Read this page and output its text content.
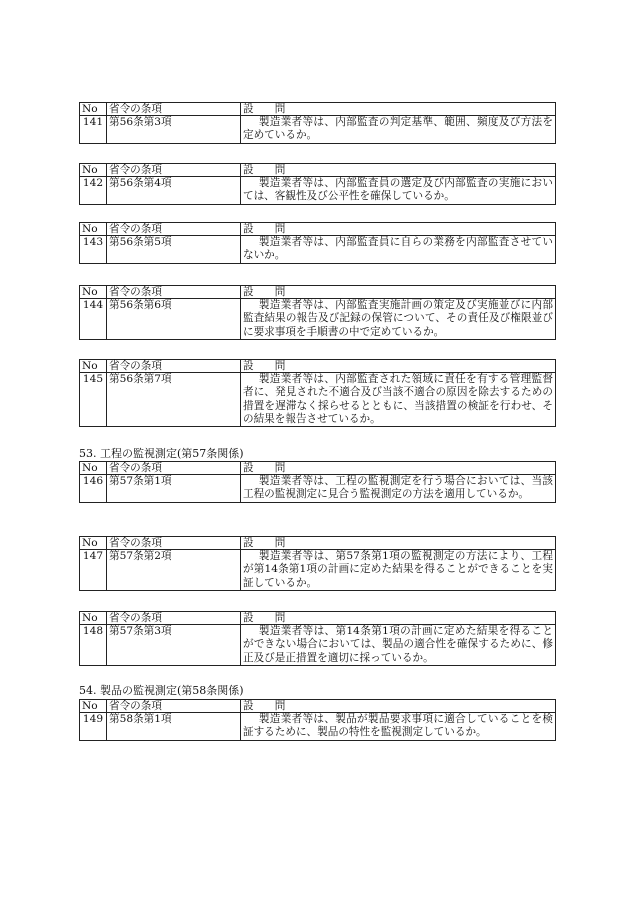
No	省令の条項	設　問
141	第56条第3項	製造業者等は、内部監査の判定基準、範囲、頻度及び方法を定めているか。
No	省令の条項	設　問
142	第56条第4項	製造業者等は、内部監査員の選定及び内部監査の実施においては、客観性及び公平性を確保しているか。
No	省令の条項	設　問
143	第56条第5項	製造業者等は、内部監査員に自らの業務を内部監査させていないか。
No	省令の条項	設　問
144	第56条第6項	製造業者等は、内部監査実施計画の策定及び実施並びに内部監査結果の報告及び記録の保管について、その責任及び権限並びに要求事項を手順書の中で定めているか。
No	省令の条項	設　問
145	第56条第7項	製造業者等は、内部監査された領域に責任を有する管理監督者に、発見された不適合及び当該不適合の原因を除去するための措置を遅滞なく採らせるとともに、当該措置の検証を行わせ、その結果を報告させているか。
53. 工程の監視測定(第57条関係)
No	省令の条項	設　問
146	第57条第1項	製造業者等は、工程の監視測定を行う場合においては、当該工程の監視測定に見合う監視測定の方法を適用しているか。
No	省令の条項	設　問
147	第57条第2項	製造業者等は、第57条第1項の監視測定の方法により、工程が第14条第1項の計画に定めた結果を得ることができることを実証しているか。
No	省令の条項	設　問
148	第57条第3項	製造業者等は、第14条第1項の計画に定めた結果を得ることができない場合においては、製品の適合性を確保するために、修正及び是正措置を適切に採っているか。
54. 製品の監視測定(第58条関係)
No	省令の条項	設　問
149	第58条第1項	製造業者等は、製品が製品要求事項に適合していることを検証するために、製品の特性を監視測定しているか。
